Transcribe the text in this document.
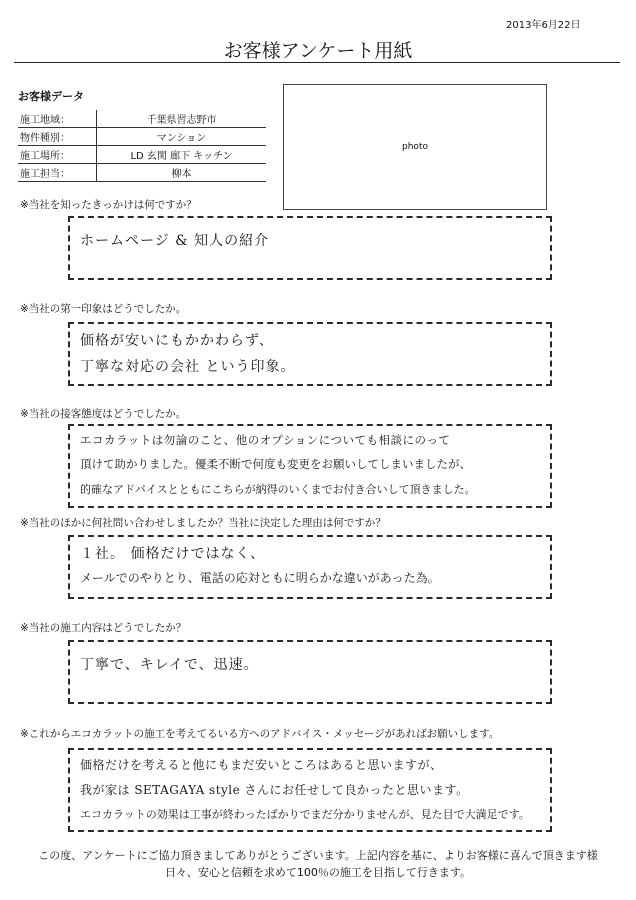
2013年6月22日
お客様アンケート用紙
お客様データ
施工地域：	千葉県習志野市
物件種別：	マンション
施工場所：	LD 玄関 廊下 キッチン
施工担当：	柳本
photo
※当社を知ったきっかけは何ですか？
ホームページ & 知人の紹介
※当社の第一印象はどうでしたか。
価格が安いにもかかわらず、
丁寧な対応の会社 という印象。
※当社の接客態度はどうでしたか。
エコカラットは勿論のこと、他のオプションについても相談にのって
頂けて助かりました。優柔不断で何度も変更をお願いしてしまいましたが、
的確なアドバイスとともにこちらが納得のいくまでお付き合いして頂きました。
※当社のほかに何社問い合わせしましたか？当社に決定した理由は何ですか？
１社。 価格だけではなく、
メールでのやりとり、電話の応対ともに明らかな違いがあった為。
※当社の施工内容はどうでしたか？
丁寧で、キレイで、迅速。
※これからエコカラットの施工を考えてるいる方へのアドバイス・メッセージがあればお願いします。
価格だけを考えると他にもまだ安いところはあると思いますが、
我が家は SETAGAYA style さんにお任せして良かったと思います。
エコカラットの効果は工事が終わったばかりでまだ分かりませんが、見た目で大満足です。
この度、アンケートにご協力頂きましてありがとうございます。上記内容を基に、よりお客様に喜んで頂きます様
日々、安心と信頼を求めて100％の施工を目指して行きます。
